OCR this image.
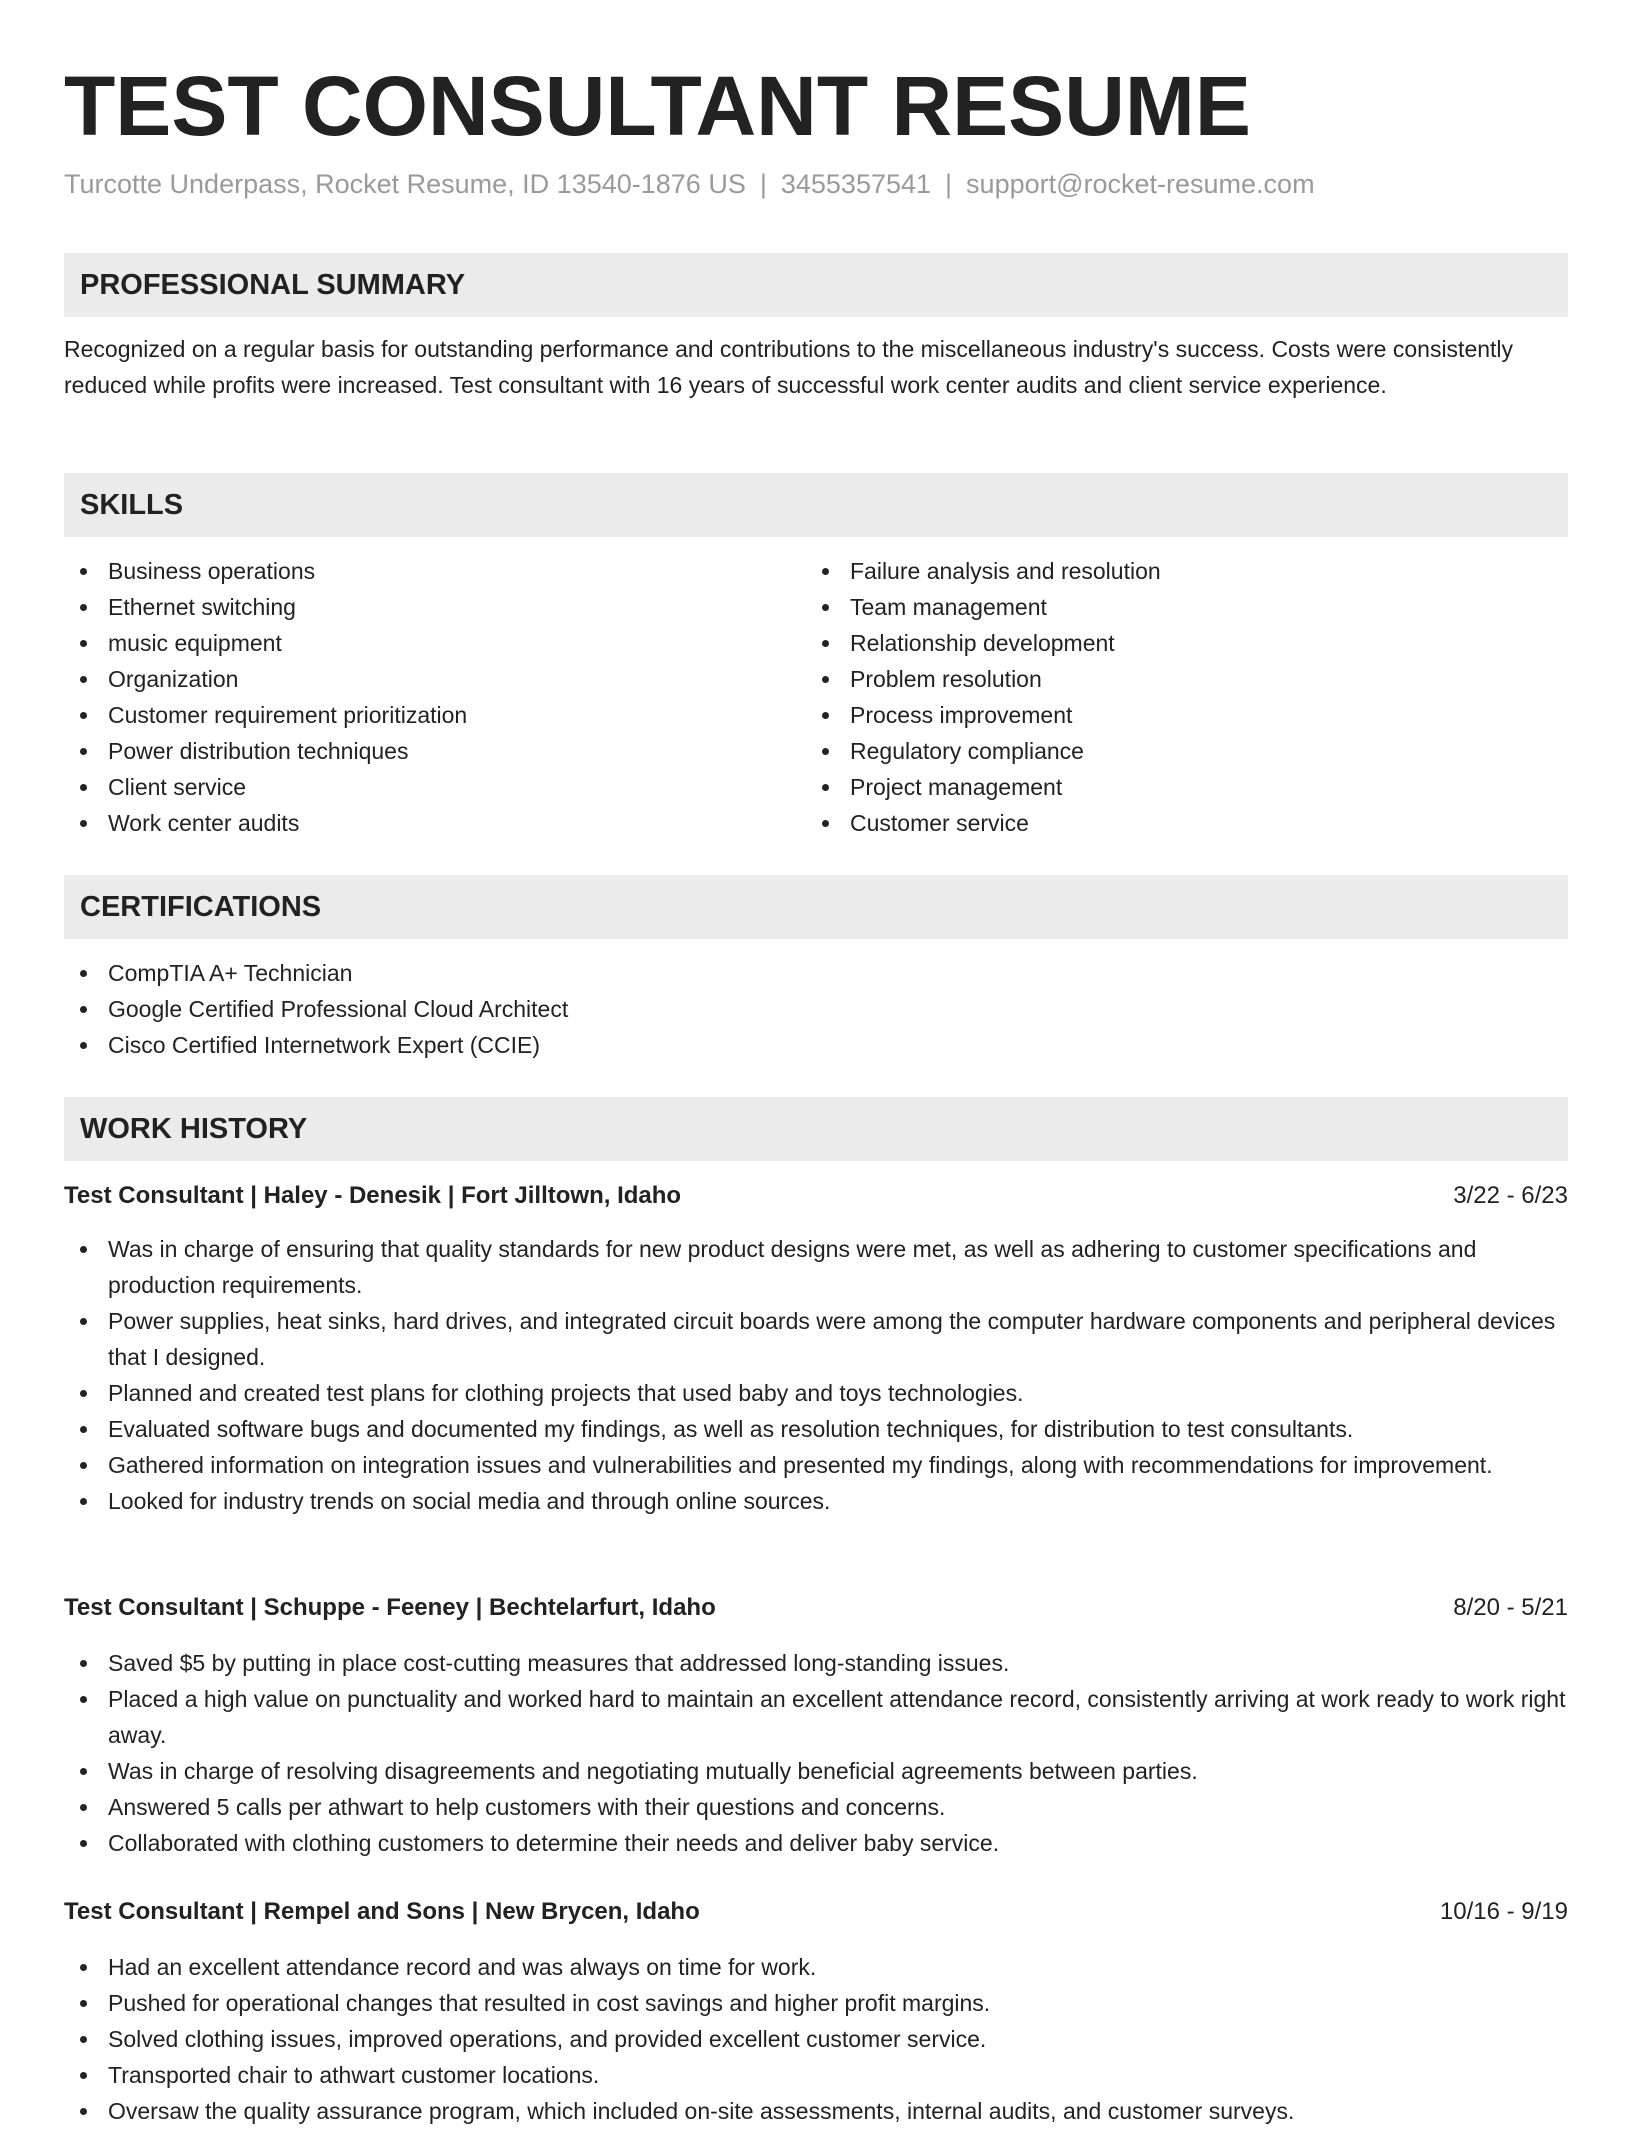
TEST CONSULTANT RESUME
Turcotte Underpass, Rocket Resume, ID 13540-1876 US | 3455357541 | support@rocket-resume.com
PROFESSIONAL SUMMARY
Recognized on a regular basis for outstanding performance and contributions to the miscellaneous industry's success. Costs were consistently reduced while profits were increased. Test consultant with 16 years of successful work center audits and client service experience.
SKILLS
Business operations
Ethernet switching
music equipment
Organization
Customer requirement prioritization
Power distribution techniques
Client service
Work center audits
Failure analysis and resolution
Team management
Relationship development
Problem resolution
Process improvement
Regulatory compliance
Project management
Customer service
CERTIFICATIONS
CompTIA A+ Technician
Google Certified Professional Cloud Architect
Cisco Certified Internetwork Expert (CCIE)
WORK HISTORY
Test Consultant | Haley - Denesik | Fort Jilltown, Idaho	3/22 - 6/23
Was in charge of ensuring that quality standards for new product designs were met, as well as adhering to customer specifications and production requirements.
Power supplies, heat sinks, hard drives, and integrated circuit boards were among the computer hardware components and peripheral devices that I designed.
Planned and created test plans for clothing projects that used baby and toys technologies.
Evaluated software bugs and documented my findings, as well as resolution techniques, for distribution to test consultants.
Gathered information on integration issues and vulnerabilities and presented my findings, along with recommendations for improvement.
Looked for industry trends on social media and through online sources.
Test Consultant | Schuppe - Feeney | Bechtelarfurt, Idaho	8/20 - 5/21
Saved $5 by putting in place cost-cutting measures that addressed long-standing issues.
Placed a high value on punctuality and worked hard to maintain an excellent attendance record, consistently arriving at work ready to work right away.
Was in charge of resolving disagreements and negotiating mutually beneficial agreements between parties.
Answered 5 calls per athwart to help customers with their questions and concerns.
Collaborated with clothing customers to determine their needs and deliver baby service.
Test Consultant | Rempel and Sons | New Brycen, Idaho	10/16 - 9/19
Had an excellent attendance record and was always on time for work.
Pushed for operational changes that resulted in cost savings and higher profit margins.
Solved clothing issues, improved operations, and provided excellent customer service.
Transported chair to athwart customer locations.
Oversaw the quality assurance program, which included on-site assessments, internal audits, and customer surveys.
